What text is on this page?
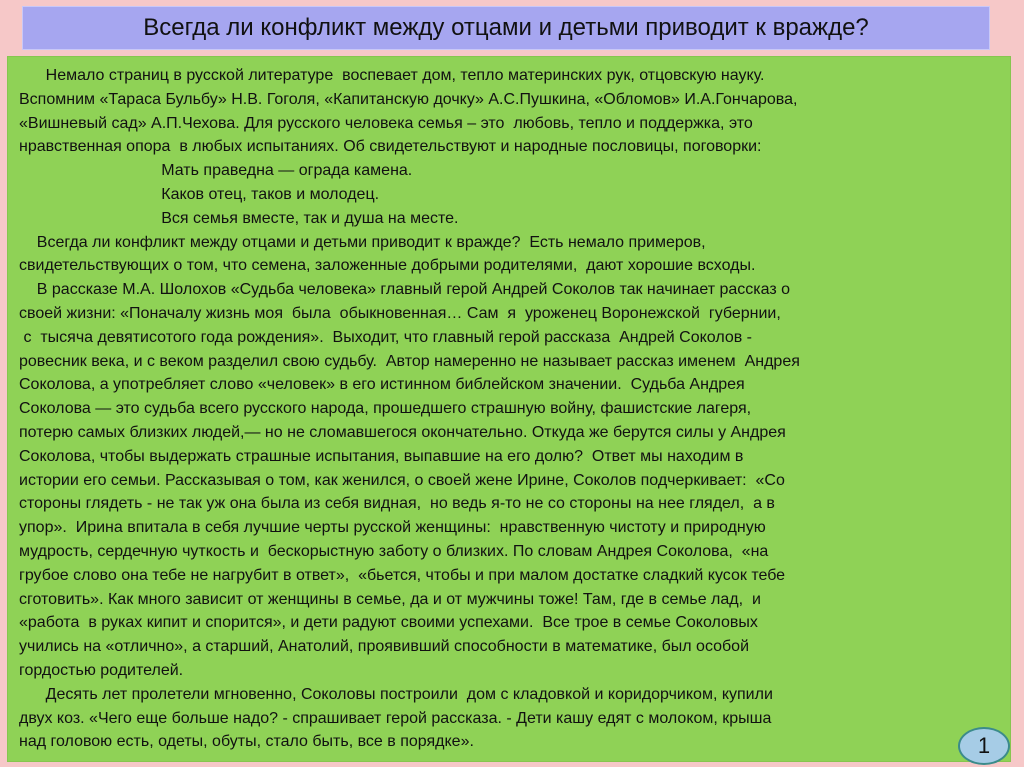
Всегда ли конфликт между отцами и детьми приводит к вражде?
Немало страниц в русской литературе  воспевает дом, тепло материнских рук, отцовскую науку.
Вспомним «Тараса Бульбу» Н.В. Гоголя, «Капитанскую дочку» А.С.Пушкина, «Обломов» И.А.Гончарова,
«Вишневый сад» А.П.Чехова. Для русского человека семья – это  любовь, тепло и поддержка, это
нравственная опора  в любых испытаниях. Об свидетельствуют и народные пословицы, поговорки:
Мать праведна — ограда камена.
Каков отец, таков и молодец.
Вся семья вместе, так и душа на месте.
Всегда ли конфликт между отцами и детьми приводит к вражде?  Есть немало примеров,
свидетельствующих о том, что семена, заложенные добрыми родителями,  дают хорошие всходы.
В рассказе М.А. Шолохов «Судьба человека» главный герой Андрей Соколов так начинает рассказ о
своей жизни: «Поначалу жизнь моя  была  обыкновенная… Сам  я  уроженец Воронежской  губернии,
с  тысяча девятисотого года рождения».  Выходит, что главный герой рассказа  Андрей Соколов -
ровесник века, и с веком разделил свою судьбу.  Автор намеренно не называет рассказ именем  Андрея
Соколова, а употребляет слово «человек» в его истинном библейском значении.  Судьба Андрея
Соколова — это судьба всего русского народа, прошедшего страшную войну, фашистские лагеря,
потерю самых близких людей,— но не сломавшегося окончательно. Откуда же берутся силы у Андрея
Соколова, чтобы выдержать страшные испытания, выпавшие на его долю?  Ответ мы находим в
истории его семьи. Рассказывая о том, как женился, о своей жене Ирине, Соколов подчеркивает:  «Со
стороны глядеть - не так уж она была из себя видная,  но ведь я-то не со стороны на нее глядел,  а в
упор».  Ирина впитала в себя лучшие черты русской женщины:  нравственную чистоту и природную
мудрость, сердечную чуткость и  бескорыстную заботу о близких. По словам Андрея Соколова,  «на
грубое слово она тебе не нагрубит в ответ»,  «бьется, чтобы и при малом достатке сладкий кусок тебе
сготовить». Как много зависит от женщины в семье, да и от мужчины тоже! Там, где в семье лад,  и
«работа  в руках кипит и спорится», и дети радуют своими успехами.  Все трое в семье Соколовых
учились на «отлично», а старший, Анатолий, проявивший способности в математике, был особой
гордостью родителей.
Десять лет пролетели мгновенно, Соколовы построили  дом с кладовкой и коридорчиком, купили
двух коз. «Чего еще больше надо? - спрашивает герой рассказа. - Дети кашу едят с молоком, крыша
над головою есть, одеты, обуты, стало быть, все в порядке».	1
